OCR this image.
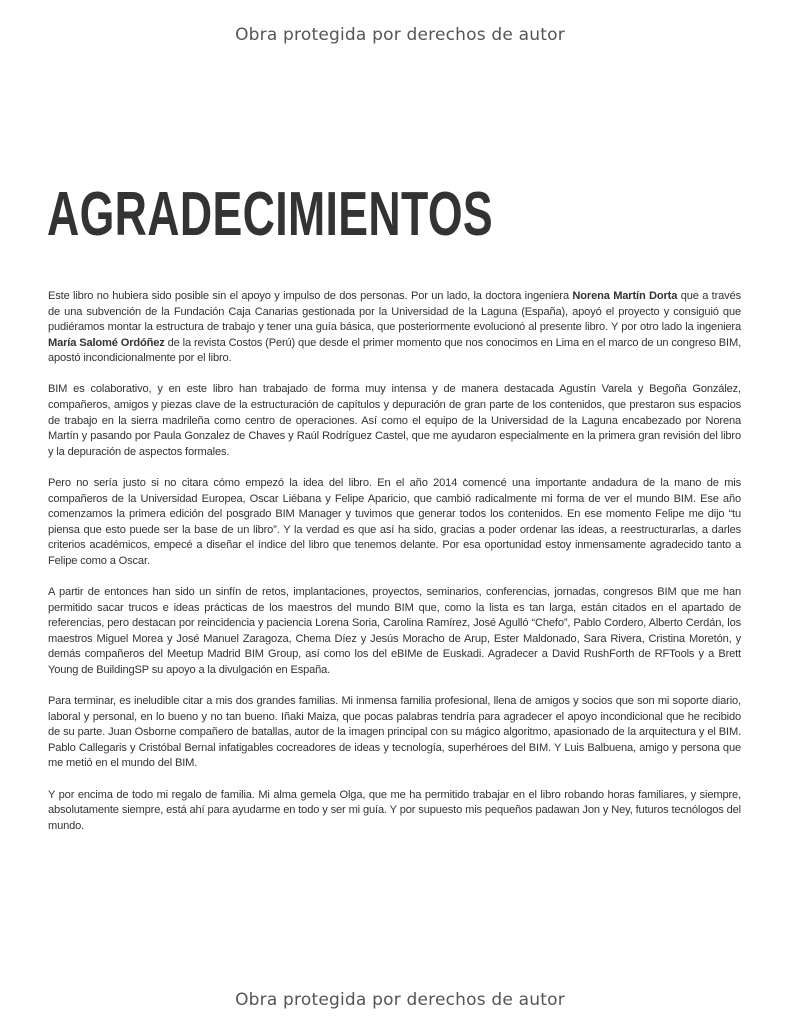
Obra protegida por derechos de autor
AGRADECIMIENTOS

Este libro no hubiera sido posible sin el apoyo y impulso de dos personas. Por un lado, la doctora ingeniera Norena Martín Dorta que a través de una subvención de la Fundación Caja Canarias gestionada por la Universidad de la Laguna (España), apoyó el proyecto y consiguió que pudiéramos montar la estructura de trabajo y tener una guía básica, que posteriormente evolucionó al presente libro. Y por otro lado la ingeniera María Salomé Ordóñez de la revista Costos (Perú) que desde el primer momento que nos conocimos en Lima en el marco de un congreso BIM, apostó incondicionalmente por el libro.

BIM es colaborativo, y en este libro han trabajado de forma muy intensa y de manera destacada Agustín Varela y Begoña González, compañeros, amigos y piezas clave de la estructuración de capítulos y depuración de gran parte de los contenidos, que prestaron sus espacios de trabajo en la sierra madrileña como centro de operaciones. Así como el equipo de la Universidad de la Laguna encabezado por Norena Martín y pasando por Paula Gonzalez de Chaves y Raúl Rodríguez Castel, que me ayudaron especialmente en la primera gran revisión del libro y la depuración de aspectos formales.

Pero no sería justo si no citara cómo empezó la idea del libro. En el año 2014 comencé una importante andadura de la mano de mis compañeros de la Universidad Europea, Oscar Liébana y Felipe Aparicio, que cambió radicalmente mi forma de ver el mundo BIM. Ese año comenzamos la primera edición del posgrado BIM Manager y tuvimos que generar todos los contenidos. En ese momento Felipe me dijo “tu piensa que esto puede ser la base de un libro”. Y la verdad es que así ha sido, gracias a poder ordenar las ideas, a reestructurarlas, a darles criterios académicos, empecé a diseñar el índice del libro que tenemos delante. Por esa oportunidad estoy inmensamente agradecido tanto a Felipe como a Oscar.

A partir de entonces han sido un sinfín de retos, implantaciones, proyectos, seminarios, conferencias, jornadas, congresos BIM que me han permitido sacar trucos e ideas prácticas de los maestros del mundo BIM que, como la lista es tan larga, están citados en el apartado de referencias, pero destacan por reincidencia y paciencia Lorena Soria, Carolina Ramírez, José Agulló “Chefo”, Pablo Cordero, Alberto Cerdán, los maestros Miguel Morea y José Manuel Zaragoza, Chema Díez y Jesús Moracho de Arup, Ester Maldonado, Sara Rivera, Cristina Moretón, y demás compañeros del Meetup Madrid BIM Group, así como los del eBIMe de Euskadi. Agradecer a David RushForth de RFTools y a Brett Young de BuildingSP su apoyo a la divulgación en España.

Para terminar, es ineludible citar a mis dos grandes familias. Mi inmensa familia profesional, llena de amigos y socios que son mi soporte diario, laboral y personal, en lo bueno y no tan bueno. Iñaki Maiza, que pocas palabras tendría para agradecer el apoyo incondicional que he recibido de su parte. Juan Osborne compañero de batallas, autor de la imagen principal con su mágico algoritmo, apasionado de la arquitectura y el BIM. Pablo Callegaris y Cristóbal Bernal infatigables cocreadores de ideas y tecnología, superhéroes del BIM. Y Luis Balbuena, amigo y persona que me metió en el mundo del BIM.

Y por encima de todo mi regalo de familia. Mi alma gemela Olga, que me ha permitido trabajar en el libro robando horas familiares, y siempre, absolutamente siempre, está ahí para ayudarme en todo y ser mi guía. Y por supuesto mis pequeños padawan Jon y Ney, futuros tecnólogos del mundo.

Obra protegida por derechos de autor
